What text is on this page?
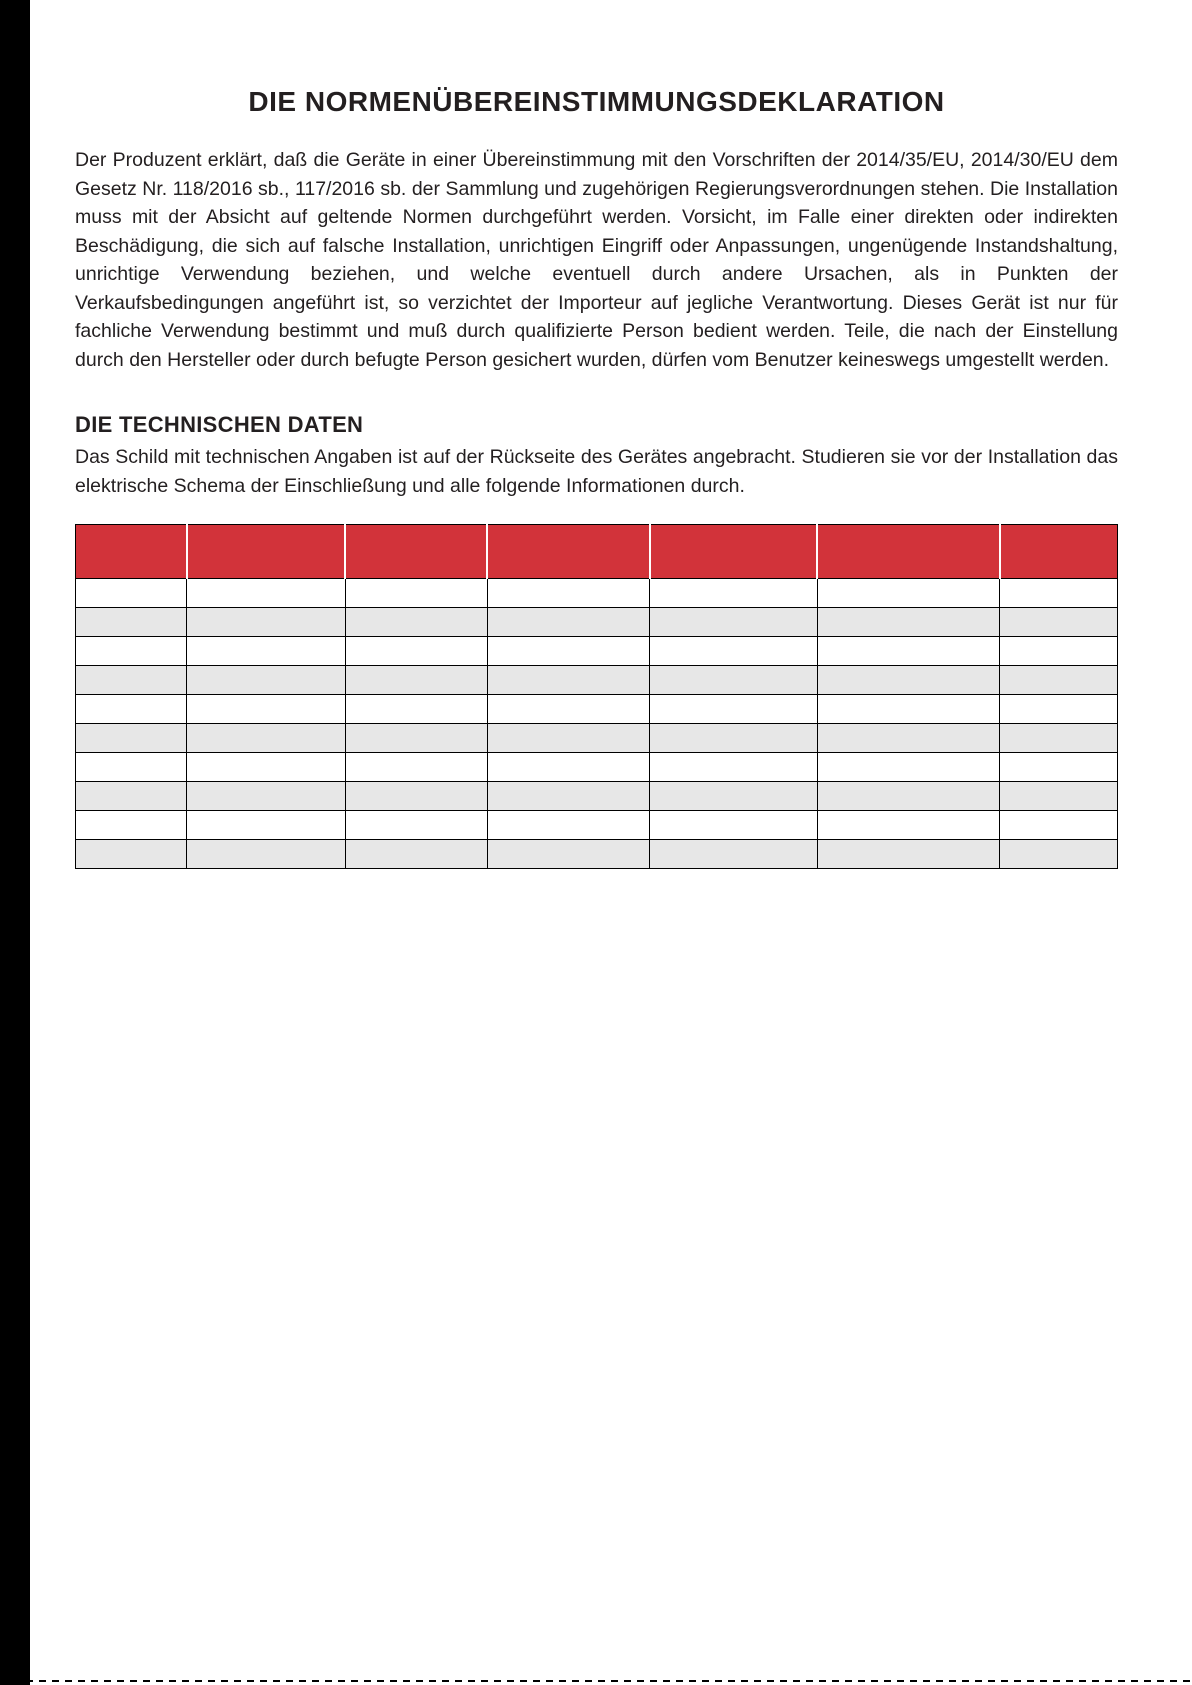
DIE NORMENÜBEREINSTIMMUNGSDEKLARATION

Der Produzent erklärt, daß die Geräte in einer Übereinstimmung mit den Vorschriften der 2014/35/EU, 2014/30/EU dem Gesetz Nr. 118/2016 sb., 117/2016 sb. der Sammlung und zugehörigen Regierungsverordnungen stehen. Die Installation muss mit der Absicht auf geltende Normen durchgeführt werden. Vorsicht, im Falle einer direkten oder indirekten Beschädigung, die sich auf falsche Installation, unrichtigen Eingriff oder Anpassungen, ungenügende Instandshaltung, unrichtige Verwendung beziehen, und welche eventuell durch andere Ursachen, als in Punkten der Verkaufsbedingungen angeführt ist, so verzichtet der Importeur auf jegliche Verantwortung. Dieses Gerät ist nur für fachliche Verwendung bestimmt und muß durch qualifizierte Person bedient werden. Teile, die nach der Einstellung durch den Hersteller oder durch befugte Person gesichert wurden, dürfen vom Benutzer keineswegs umgestellt werden.

DIE TECHNISCHEN DATEN

Das Schild mit technischen Angaben ist auf der Rückseite des Gerätes angebracht. Studieren sie vor der Installation das elektrische Schema der Einschließung und alle folgende Informationen durch.
